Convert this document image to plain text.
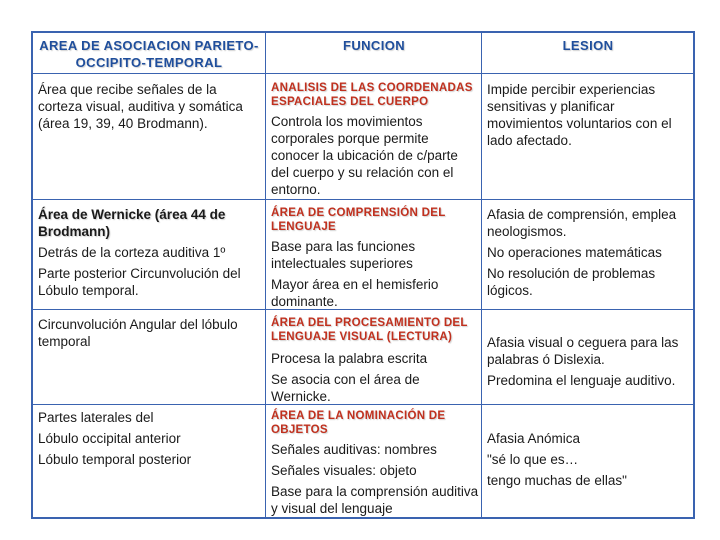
AREA DE ASOCIACION PARIETO-OCCIPITO-TEMPORAL
FUNCION	LESION

Área que recibe señales de la corteza visual, auditiva y somática (área 19, 39, 40 Brodmann).

ANALISIS DE LAS COORDENADAS ESPACIALES DEL CUERPO

Controla los movimientos corporales porque permite conocer la ubicación de c/parte del cuerpo y su relación con el entorno.

Impide percibir experiencias sensitivas y planificar movimientos voluntarios con el lado afectado.

Área de Wernicke (área 44 de Brodmann)

Detrás de la corteza auditiva 1º

Parte posterior Circunvolución del Lóbulo temporal.

ÁREA DE COMPRENSIÓN DEL LENGUAJE

Base para las funciones intelectuales superiores

Mayor área en el hemisferio dominante.

Afasia de comprensión, emplea neologismos.

No operaciones matemáticas

No resolución de problemas lógicos.

Circunvolución Angular del lóbulo temporal

ÁREA DEL PROCESAMIENTO DEL LENGUAJE VISUAL (LECTURA)

Procesa la palabra escrita

Se asocia con el área de Wernicke.

Afasia visual o ceguera para las palabras ó Dislexia.

Predomina el lenguaje auditivo.

Partes laterales del

Lóbulo occipital anterior

Lóbulo temporal posterior

ÁREA DE LA NOMINACIÓN DE OBJETOS

Señales auditivas: nombres

Señales visuales: objeto

Base para la comprensión auditiva y visual del lenguaje

Afasia Anómica

"sé lo que es…

tengo muchas de ellas"
